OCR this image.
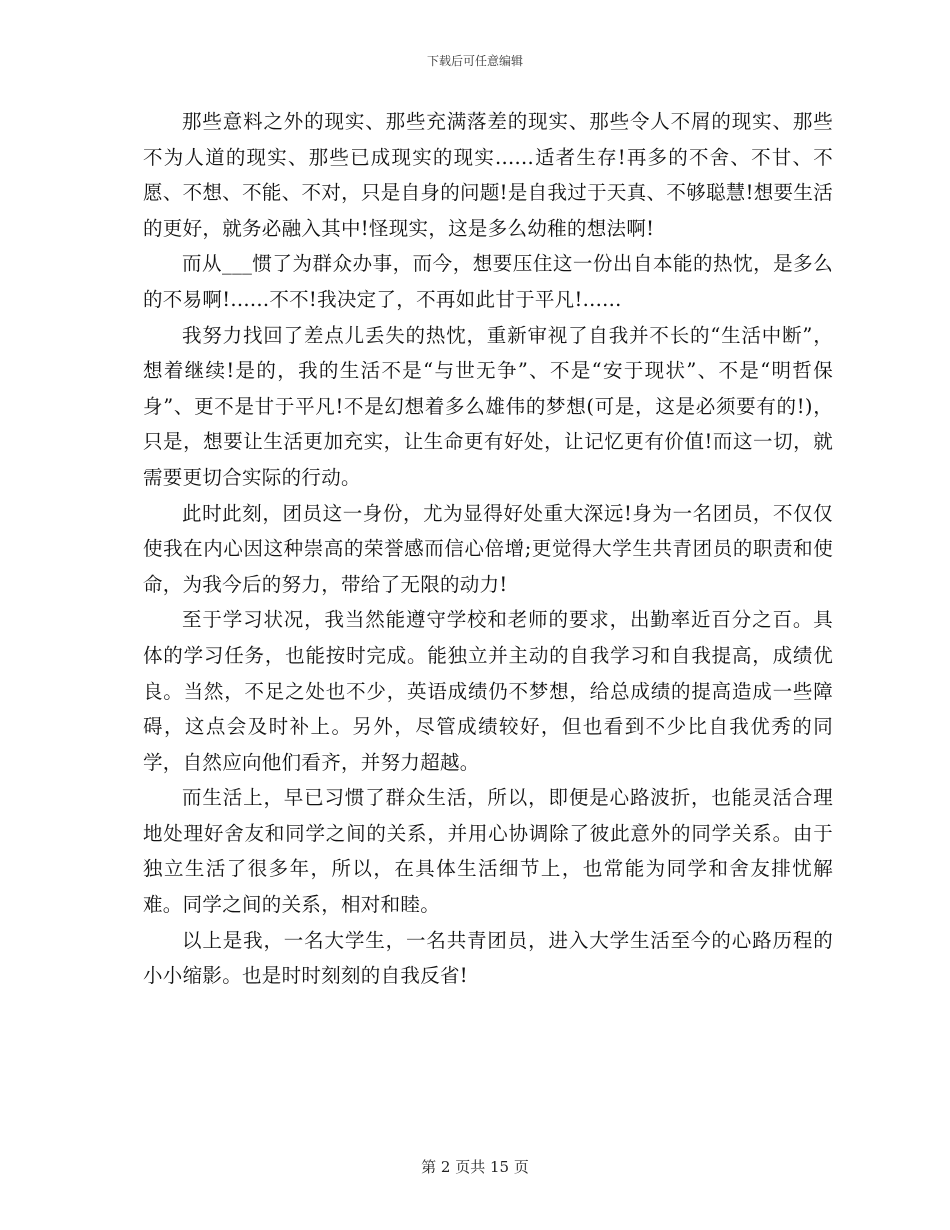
下载后可任意编辑

那些意料之外的现实、那些充满落差的现实、那些令人不屑的现实、那些不为人道的现实、那些已成现实的现实......适者生存!再多的不舍、不甘、不愿、不想、不能、不对，只是自身的问题!是自我过于天真、不够聪慧!想要生活的更好，就务必融入其中!怪现实，这是多么幼稚的想法啊!

而从___惯了为群众办事，而今，想要压住这一份出自本能的热忱，是多么的不易啊!......不不!我决定了，不再如此甘于平凡!......

我努力找回了差点儿丢失的热忱，重新审视了自我并不长的“生活中断”，想着继续!是的，我的生活不是“与世无争”、不是“安于现状”、不是“明哲保身”、更不是甘于平凡!不是幻想着多么雄伟的梦想(可是，这是必须要有的!)，只是，想要让生活更加充实，让生命更有好处，让记忆更有价值!而这一切，就需要更切合实际的行动。

此时此刻，团员这一身份，尤为显得好处重大深远!身为一名团员，不仅仅使我在内心因这种崇高的荣誉感而信心倍增;更觉得大学生共青团员的职责和使命，为我今后的努力，带给了无限的动力!

至于学习状况，我当然能遵守学校和老师的要求，出勤率近百分之百。具体的学习任务，也能按时完成。能独立并主动的自我学习和自我提高，成绩优良。当然，不足之处也不少，英语成绩仍不梦想，给总成绩的提高造成一些障碍，这点会及时补上。另外，尽管成绩较好，但也看到不少比自我优秀的同学，自然应向他们看齐，并努力超越。

而生活上，早已习惯了群众生活，所以，即便是心路波折，也能灵活合理地处理好舍友和同学之间的关系，并用心协调除了彼此意外的同学关系。由于独立生活了很多年，所以，在具体生活细节上，也常能为同学和舍友排忧解难。同学之间的关系，相对和睦。

以上是我，一名大学生，一名共青团员，进入大学生活至今的心路历程的小小缩影。也是时时刻刻的自我反省!

第 2 页共 15 页
